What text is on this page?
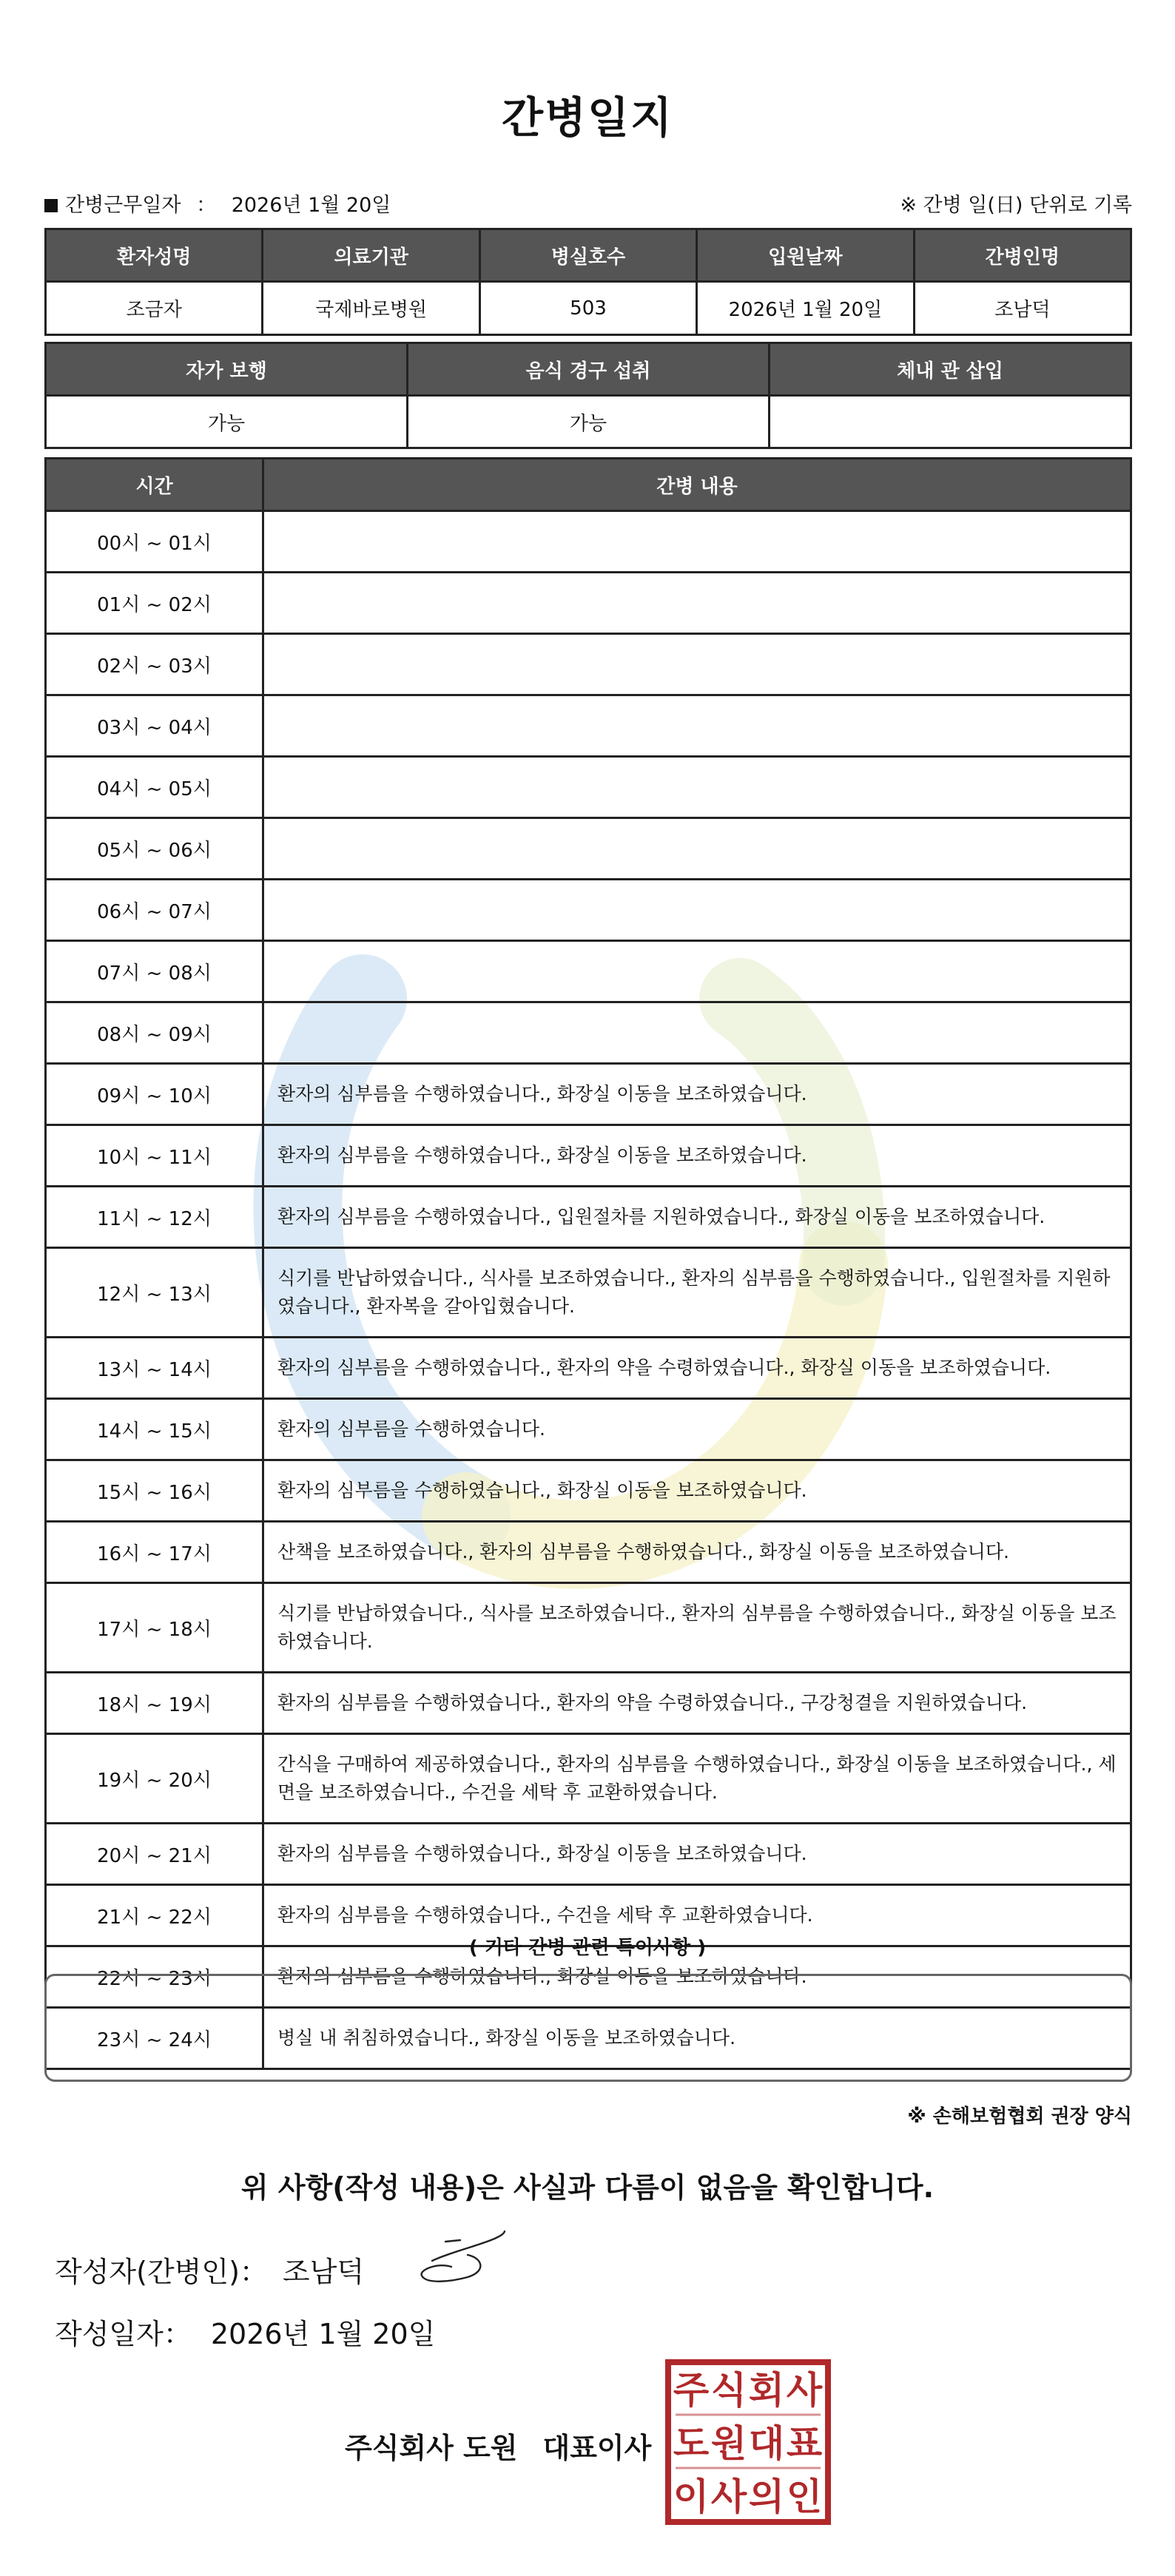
간병일지
간병근무일자 ： 2026년 1월 20일	※ 간병 일(日) 단위로 기록
환자성명	의료기관	병실호수	입원날짜	간병인명
조금자	국제바로병원	503	2026년 1월 20일	조남덕
자가 보행	음식 경구 섭취	체내 관 삽입
가능	가능	
시간	간병 내용
00시 ~ 01시	
01시 ~ 02시	
02시 ~ 03시	
03시 ~ 04시	
04시 ~ 05시	
05시 ~ 06시	
06시 ~ 07시	
07시 ~ 08시	
08시 ~ 09시	
09시 ~ 10시	환자의 심부름을 수행하였습니다., 화장실 이동을 보조하였습니다.
10시 ~ 11시	환자의 심부름을 수행하였습니다., 화장실 이동을 보조하였습니다.
11시 ~ 12시	환자의 심부름을 수행하였습니다., 입원절차를 지원하였습니다., 화장실 이동을 보조하였습니다.
12시 ~ 13시	식기를 반납하였습니다., 식사를 보조하였습니다., 환자의 심부름을 수행하였습니다., 입원절차를 지원하였습니다., 환자복을 갈아입혔습니다.
13시 ~ 14시	환자의 심부름을 수행하였습니다., 환자의 약을 수령하였습니다., 화장실 이동을 보조하였습니다.
14시 ~ 15시	환자의 심부름을 수행하였습니다.
15시 ~ 16시	환자의 심부름을 수행하였습니다., 화장실 이동을 보조하였습니다.
16시 ~ 17시	산책을 보조하였습니다., 환자의 심부름을 수행하였습니다., 화장실 이동을 보조하였습니다.
17시 ~ 18시	식기를 반납하였습니다., 식사를 보조하였습니다., 환자의 심부름을 수행하였습니다., 화장실 이동을 보조하였습니다.
18시 ~ 19시	환자의 심부름을 수행하였습니다., 환자의 약을 수령하였습니다., 구강청결을 지원하였습니다.
19시 ~ 20시	간식을 구매하여 제공하였습니다., 환자의 심부름을 수행하였습니다., 화장실 이동을 보조하였습니다., 세면을 보조하였습니다., 수건을 세탁 후 교환하였습니다.
20시 ~ 21시	환자의 심부름을 수행하였습니다., 화장실 이동을 보조하였습니다.
21시 ~ 22시	환자의 심부름을 수행하였습니다., 수건을 세탁 후 교환하였습니다.
22시 ~ 23시	환자의 심부름을 수행하였습니다., 화장실 이동을 보조하였습니다.
23시 ~ 24시	병실 내 취침하였습니다., 화장실 이동을 보조하였습니다.
( 기타 간병 관련 특이사항 )
※ 손해보험협회 권장 양식
위 사항(작성 내용)은 사실과 다름이 없음을 확인합니다.
작성자(간병인)： 조남덕
작성일자： 2026년 1월 20일
주식회사 도원 대표이사
주 식 회 사
도 원 대 표
이 사 의 인
